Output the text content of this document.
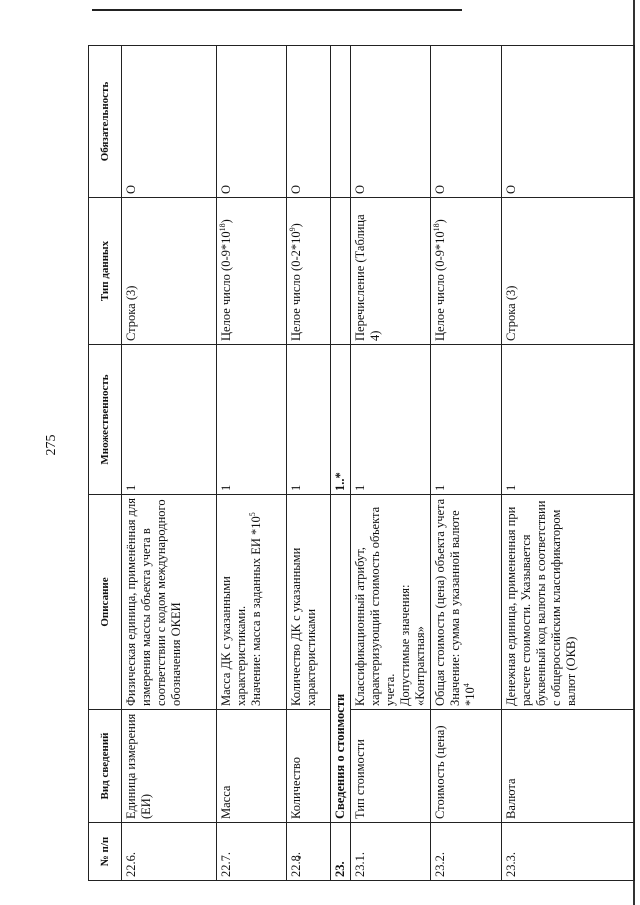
275
№ п/п	Вид сведений	Описание	Множественность	Тип данных	Обязательность
22.6.	Единица измерения (ЕИ)	Физическая единица, применённая для измерения массы объекта учета в соответствии с кодом международного обозначения ОКЕИ	1	Строка (3)	О
22.7.	Масса	Масса ДК с указанными характеристиками.
Значение: масса в заданных ЕИ $*10^5$	1	Целое число $(0-9*10^{18})$	О
22.8.	Количество	Количество ДК с указанными характеристиками	1	Целое число $(0-2*10^9)$	О
23.	Сведения о стоимости		1..*		
23.1.	Тип стоимости	Классификационный атрибут, характеризующий стоимость объекта учета.
Допустимые значения:
«Контрактная»	1	Перечисление (Таблица 4)	О
23.2.	Стоимость (цена)	Общая стоимость (цена) объекта учета
Значение: сумма в указанной валюте $*10^4$	1	Целое число $(0-9*10^{18})$	О
23.3.	Валюта	Денежная единица, примененная при расчете стоимости. Указывается буквенный код валюты в соответствии с общероссийским классификатором валют (ОКВ)	1	Строка (3)	О
